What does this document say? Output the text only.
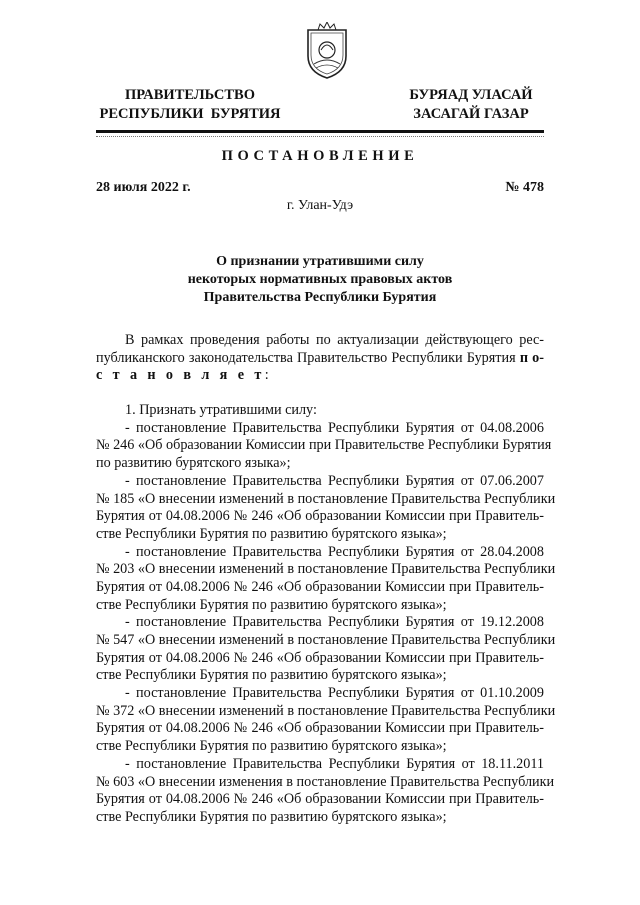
ПРАВИТЕЛЬСТВО
РЕСПУБЛИКИ  БУРЯТИЯ
БУРЯАД УЛАСАЙ
ЗАСАГАЙ ГАЗАР
ПОСТАНОВЛЕНИЕ
28 июля 2022 г.	№ 478
г. Улан-Удэ
О признании утратившими силу
некоторых нормативных правовых актов
Правительства Республики Бурятия
В рамках проведения работы по актуализации действующего рес-
публиканского законодательства Правительство Республики Бурятия п о-
с т а н о в л я е т:
1. Признать утратившими силу:
- постановление Правительства Республики Бурятия от 04.08.2006
№ 246 «Об образовании Комиссии при Правительстве Республики Бурятия
по развитию бурятского языка»;
- постановление Правительства Республики Бурятия от 07.06.2007
№ 185 «О внесении изменений в постановление Правительства Республики
Бурятия от 04.08.2006 № 246 «Об образовании Комиссии при Правитель-
стве Республики Бурятия по развитию бурятского языка»;
- постановление Правительства Республики Бурятия от 28.04.2008
№ 203 «О внесении изменений в постановление Правительства Республики
Бурятия от 04.08.2006 № 246 «Об образовании Комиссии при Правитель-
стве Республики Бурятия по развитию бурятского языка»;
- постановление Правительства Республики Бурятия от 19.12.2008
№ 547 «О внесении изменений в постановление Правительства Республики
Бурятия от 04.08.2006 № 246 «Об образовании Комиссии при Правитель-
стве Республики Бурятия по развитию бурятского языка»;
- постановление Правительства Республики Бурятия от 01.10.2009
№ 372 «О внесении изменений в постановление Правительства Республики
Бурятия от 04.08.2006 № 246 «Об образовании Комиссии при Правитель-
стве Республики Бурятия по развитию бурятского языка»;
- постановление Правительства Республики Бурятия от 18.11.2011
№ 603 «О внесении изменения в постановление Правительства Республики
Бурятия от 04.08.2006 № 246 «Об образовании Комиссии при Правитель-
стве Республики Бурятия по развитию бурятского языка»;
